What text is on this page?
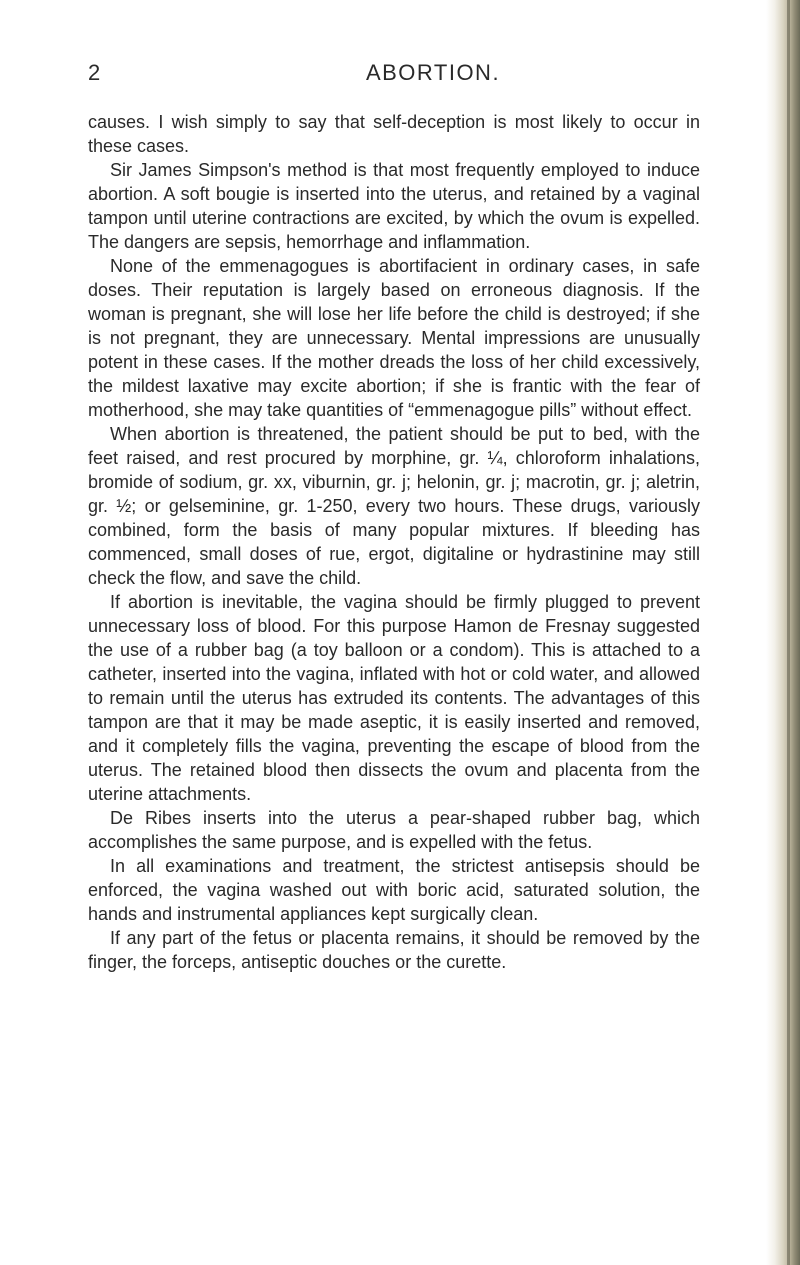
2	ABORTION.

causes. I wish simply to say that self-deception is most likely to occur in these cases.

Sir James Simpson's method is that most frequently employed to induce abortion. A soft bougie is inserted into the uterus, and retained by a vaginal tampon until uterine contractions are excited, by which the ovum is expelled. The dangers are sepsis, hemorrhage and inflammation.

None of the emmenagogues is abortifacient in ordinary cases, in safe doses. Their reputation is largely based on erroneous diagnosis. If the woman is pregnant, she will lose her life before the child is destroyed; if she is not pregnant, they are unnecessary. Mental impressions are unusually potent in these cases. If the mother dreads the loss of her child excessively, the mildest laxative may excite abortion; if she is frantic with the fear of motherhood, she may take quantities of “emmenagogue pills” without effect.

When abortion is threatened, the patient should be put to bed, with the feet raised, and rest procured by morphine, gr. ¼, chloroform inhalations, bromide of sodium, gr. xx, viburnin, gr. j; helonin, gr. j; macrotin, gr. j; aletrin, gr. ½; or gelseminine, gr. 1-250, every two hours. These drugs, variously combined, form the basis of many popular mixtures. If bleeding has commenced, small doses of rue, ergot, digitaline or hydrastinine may still check the flow, and save the child.

If abortion is inevitable, the vagina should be firmly plugged to prevent unnecessary loss of blood. For this purpose Hamon de Fresnay suggested the use of a rubber bag (a toy balloon or a condom). This is attached to a catheter, inserted into the vagina, inflated with hot or cold water, and allowed to remain until the uterus has extruded its contents. The advantages of this tampon are that it may be made aseptic, it is easily inserted and removed, and it completely fills the vagina, preventing the escape of blood from the uterus. The retained blood then dissects the ovum and placenta from the uterine attachments.

De Ribes inserts into the uterus a pear-shaped rubber bag, which accomplishes the same purpose, and is expelled with the fetus.

In all examinations and treatment, the strictest antisepsis should be enforced, the vagina washed out with boric acid, saturated solution, the hands and instrumental appliances kept surgically clean.

If any part of the fetus or placenta remains, it should be removed by the finger, the forceps, antiseptic douches or the curette.
